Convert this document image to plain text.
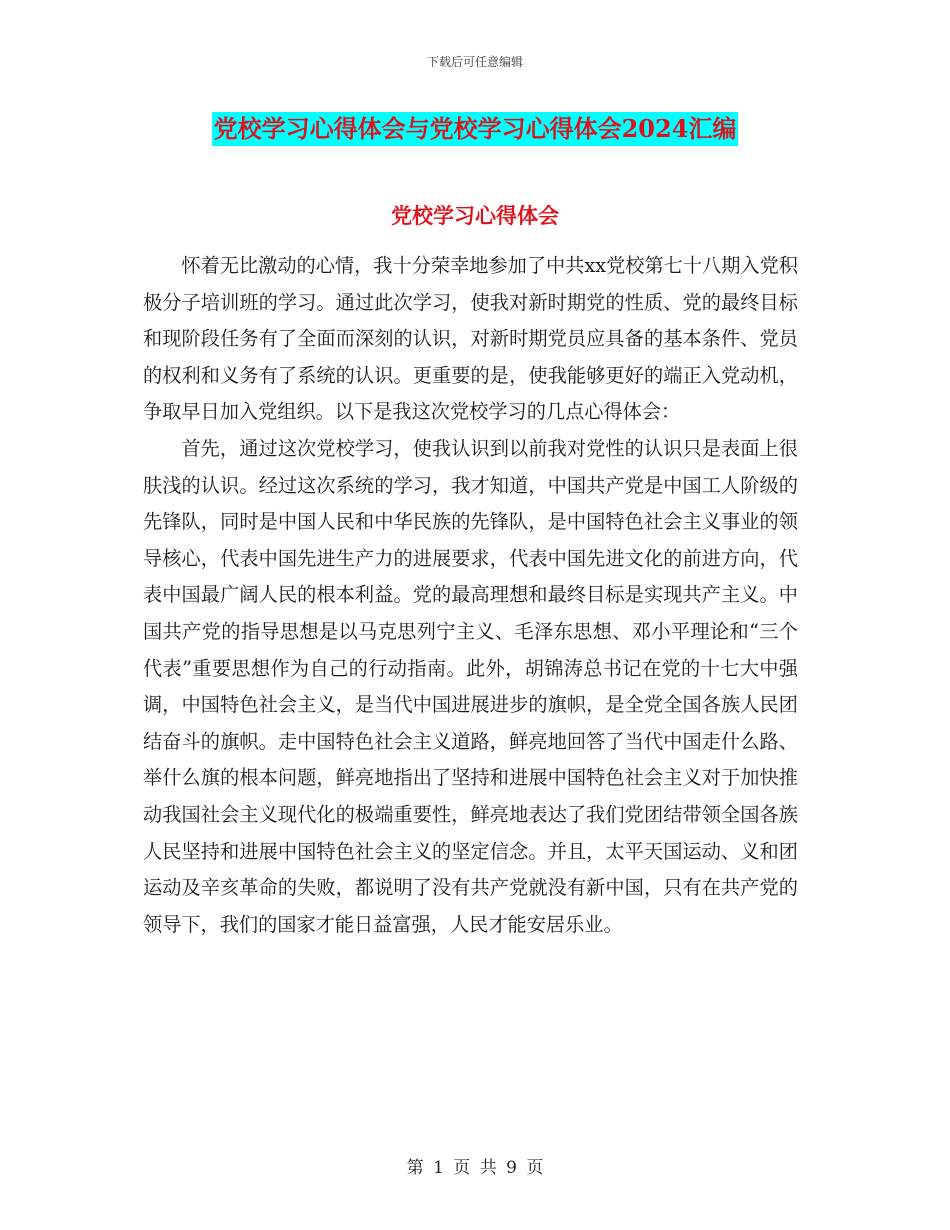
下载后可任意编辑
党校学习心得体会与党校学习心得体会2024汇编
党校学习心得体会

怀着无比激动的心情，我十分荣幸地参加了中共xx党校第七十八期入党积极分子培训班的学习。通过此次学习，使我对新时期党的性质、党的最终目标和现阶段任务有了全面而深刻的认识，对新时期党员应具备的基本条件、党员的权利和义务有了系统的认识。更重要的是，使我能够更好的端正入党动机，争取早日加入党组织。以下是我这次党校学习的几点心得体会：

首先，通过这次党校学习，使我认识到以前我对党性的认识只是表面上很肤浅的认识。经过这次系统的学习，我才知道，中国共产党是中国工人阶级的先锋队，同时是中国人民和中华民族的先锋队，是中国特色社会主义事业的领导核心，代表中国先进生产力的进展要求，代表中国先进文化的前进方向，代表中国最广阔人民的根本利益。党的最高理想和最终目标是实现共产主义。中国共产党的指导思想是以马克思列宁主义、毛泽东思想、邓小平理论和“三个代表”重要思想作为自己的行动指南。此外，胡锦涛总书记在党的十七大中强调，中国特色社会主义，是当代中国进展进步的旗帜，是全党全国各族人民团结奋斗的旗帜。走中国特色社会主义道路，鲜亮地回答了当代中国走什么路、举什么旗的根本问题，鲜亮地指出了坚持和进展中国特色社会主义对于加快推动我国社会主义现代化的极端重要性，鲜亮地表达了我们党团结带领全国各族人民坚持和进展中国特色社会主义的坚定信念。并且，太平天国运动、义和团运动及辛亥革命的失败，都说明了没有共产党就没有新中国，只有在共产党的领导下，我们的国家才能日益富强，人民才能安居乐业。

第 1 页 共 9 页
